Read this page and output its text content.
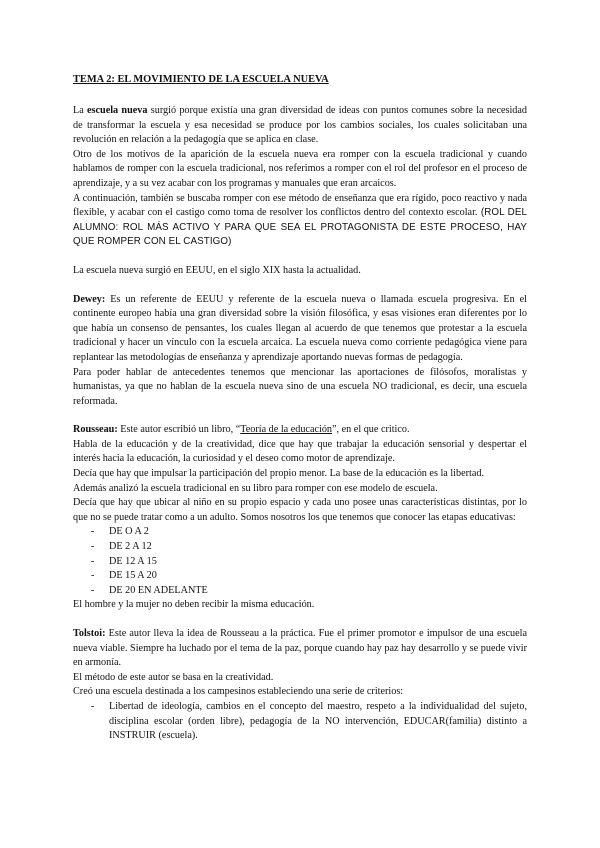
TEMA 2: EL MOVIMIENTO DE LA ESCUELA NUEVA

La escuela nueva surgió porque existía una gran diversidad de ideas con puntos comunes sobre la necesidad de transformar la escuela y esa necesidad se produce por los cambios sociales, los cuales solicitaban una revolución en relación a la pedagogía que se aplica en clase.

Otro de los motivos de la aparición de la escuela nueva era romper con la escuela tradicional y cuando hablamos de romper con la escuela tradicional, nos referimos a romper con el rol del profesor en el proceso de aprendizaje, y a su vez acabar con los programas y manuales que eran arcaicos.

A continuación, también se buscaba romper con ese método de enseñanza que era rígido, poco reactivo y nada flexible, y acabar con el castigo como toma de resolver los conflictos dentro del contexto escolar. (ROL DEL ALUMNO: ROL MÁS ACTIVO Y PARA QUE SEA EL PROTAGONISTA DE ESTE PROCESO, HAY QUE ROMPER CON EL CASTIGO)

La escuela nueva surgió en EEUU, en el siglo XIX hasta la actualidad.

Dewey: Es un referente de EEUU y referente de la escuela nueva o llamada escuela progresiva. En el continente europeo había una gran diversidad sobre la visión filosófica, y esas visiones eran diferentes por lo que había un consenso de pensantes, los cuales llegan al acuerdo de que tenemos que protestar a la escuela tradicional y hacer un vínculo con la escuela arcaica. La escuela nueva como corriente pedagógica viene para replantear las metodologías de enseñanza y aprendizaje aportando nuevas formas de pedagogía.

Para poder hablar de antecedentes tenemos que mencionar las aportaciones de filósofos, moralistas y humanistas, ya que no hablan de la escuela nueva sino de una escuela NO tradicional, es decir, una escuela reformada.

Rousseau: Este autor escribió un libro, “Teoría de la educación”, en el que critico.

Habla de la educación y de la creatividad, dice que hay que trabajar la educación sensorial y despertar el interés hacia la educación, la curiosidad y el deseo como motor de aprendizaje.

Decía que hay que impulsar la participación del propio menor. La base de la educación es la libertad.

Además analizó la escuela tradicional en su libro para romper con ese modelo de escuela.

Decía que hay que ubicar al niño en su propio espacio y cada uno posee unas características distintas, por lo que no se puede tratar como a un adulto. Somos nosotros los que tenemos que conocer las etapas educativas:

- DE O A 2
- DE 2 A 12
- DE 12 A 15
- DE 15 A 20
- DE 20 EN ADELANTE

El hombre y la mujer no deben recibir la misma educación.

Tolstoi: Este autor lleva la idea de Rousseau a la práctica. Fue el primer promotor e impulsor de una escuela nueva viable. Siempre ha luchado por el tema de la paz, porque cuando hay paz hay desarrollo y se puede vivir en armonía.

El método de este autor se basa en la creatividad.

Creó una escuela destinada a los campesinos estableciendo una serie de criterios:

- Libertad de ideología, cambios en el concepto del maestro, respeto a la individualidad del sujeto, disciplina escolar (orden libre), pedagogía de la NO intervención, EDUCAR(familia) distinto a INSTRUIR (escuela).
